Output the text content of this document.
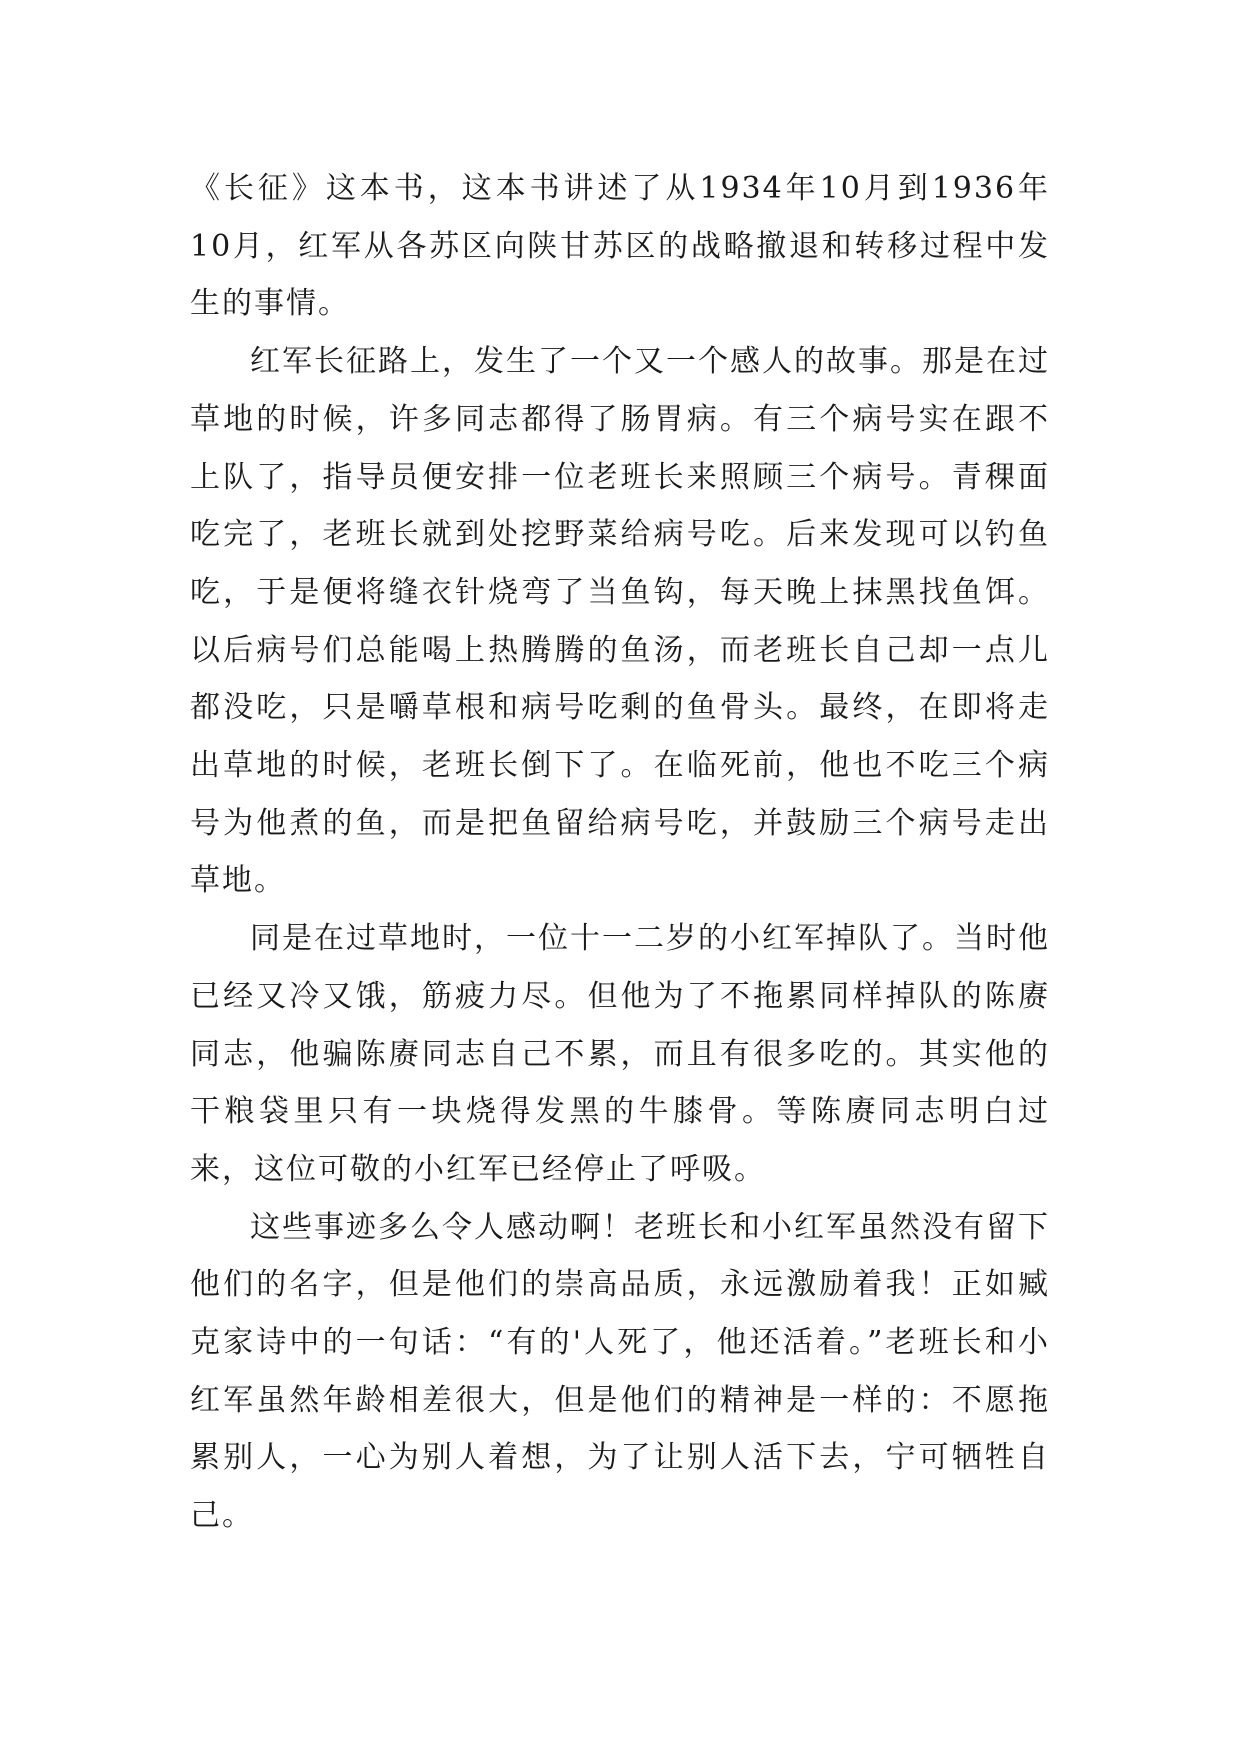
《长征》这本书，这本书讲述了从1934年10月到1936年10月，红军从各苏区向陕甘苏区的战略撤退和转移过程中发生的事情。

红军长征路上，发生了一个又一个感人的故事。那是在过草地的时候，许多同志都得了肠胃病。有三个病号实在跟不上队了，指导员便安排一位老班长来照顾三个病号。青稞面吃完了，老班长就到处挖野菜给病号吃。后来发现可以钓鱼吃，于是便将缝衣针烧弯了当鱼钩，每天晚上抹黑找鱼饵。以后病号们总能喝上热腾腾的鱼汤，而老班长自己却一点儿都没吃，只是嚼草根和病号吃剩的鱼骨头。最终，在即将走出草地的时候，老班长倒下了。在临死前，他也不吃三个病号为他煮的鱼，而是把鱼留给病号吃，并鼓励三个病号走出草地。

同是在过草地时，一位十一二岁的小红军掉队了。当时他已经又冷又饿，筋疲力尽。但他为了不拖累同样掉队的陈赓同志，他骗陈赓同志自己不累，而且有很多吃的。其实他的干粮袋里只有一块烧得发黑的牛膝骨。等陈赓同志明白过来，这位可敬的小红军已经停止了呼吸。

这些事迹多么令人感动啊！老班长和小红军虽然没有留下他们的名字，但是他们的崇高品质，永远激励着我！正如臧克家诗中的一句话：“有的'人死了，他还活着。”老班长和小红军虽然年龄相差很大，但是他们的精神是一样的：不愿拖累别人，一心为别人着想，为了让别人活下去，宁可牺牲自己。
